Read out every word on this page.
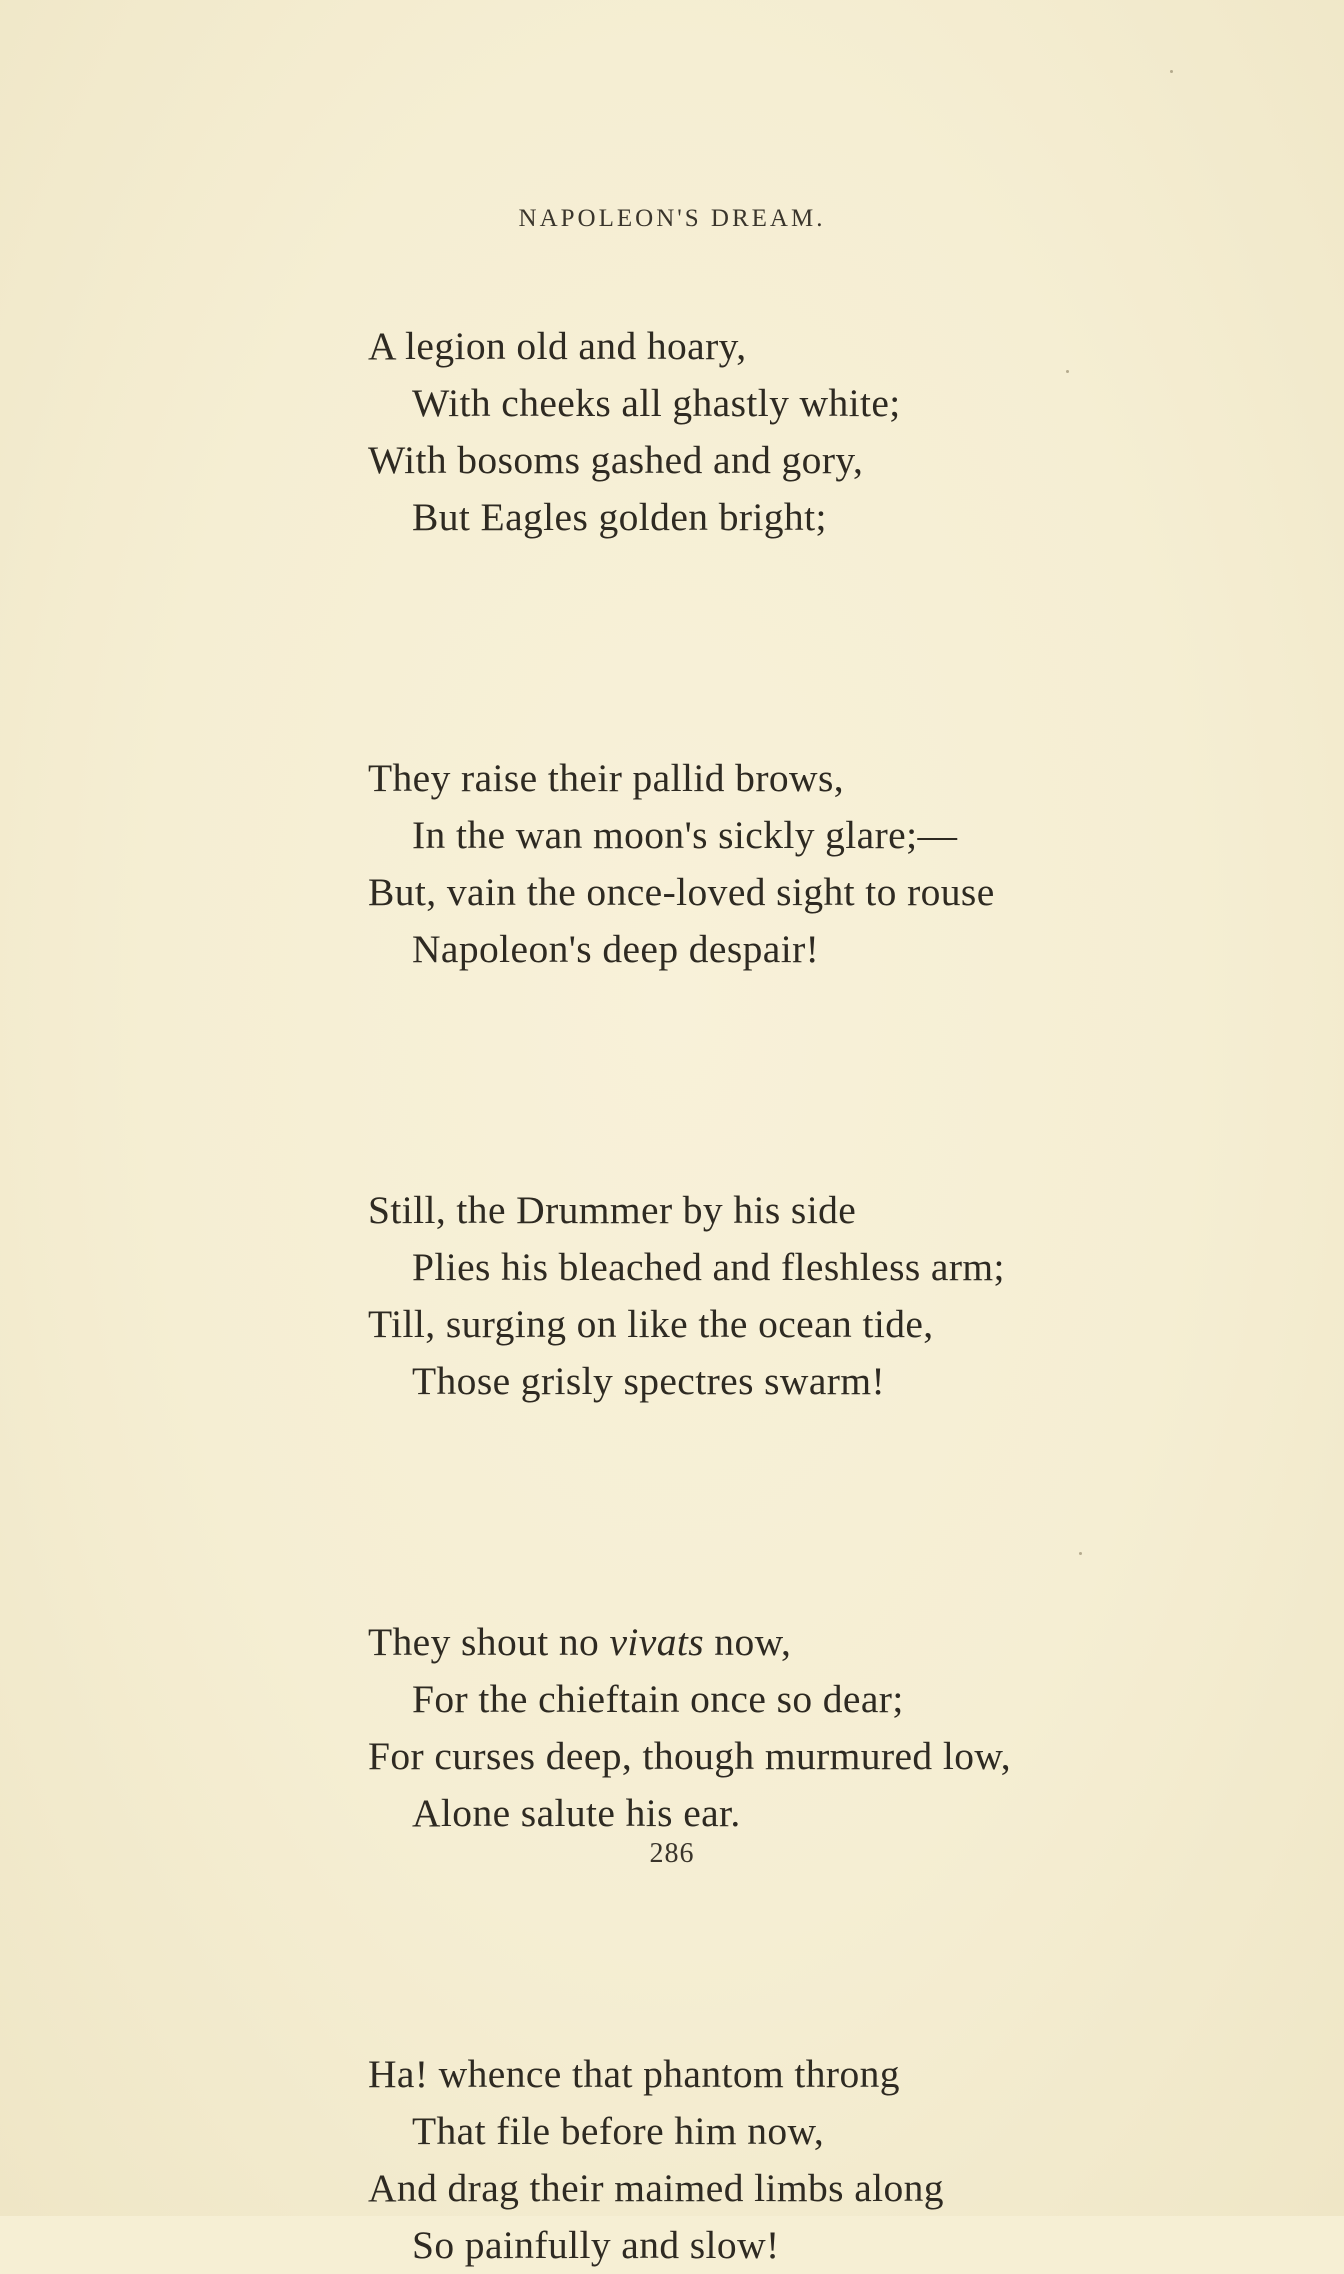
NAPOLEON'S DREAM.
A legion old and hoary,
With cheeks all ghastly white;
With bosoms gashed and gory,
But Eagles golden bright;
They raise their pallid brows,
In the wan moon's sickly glare;—
But, vain the once-loved sight to rouse
Napoleon's deep despair!
Still, the Drummer by his side
Plies his bleached and fleshless arm;
Till, surging on like the ocean tide,
Those grisly spectres swarm!
They shout no vivats now,
For the chieftain once so dear;
For curses deep, though murmured low,
Alone salute his ear.
Ha! whence that phantom throng
That file before him now,
And drag their maimed limbs along
So painfully and slow!
286
